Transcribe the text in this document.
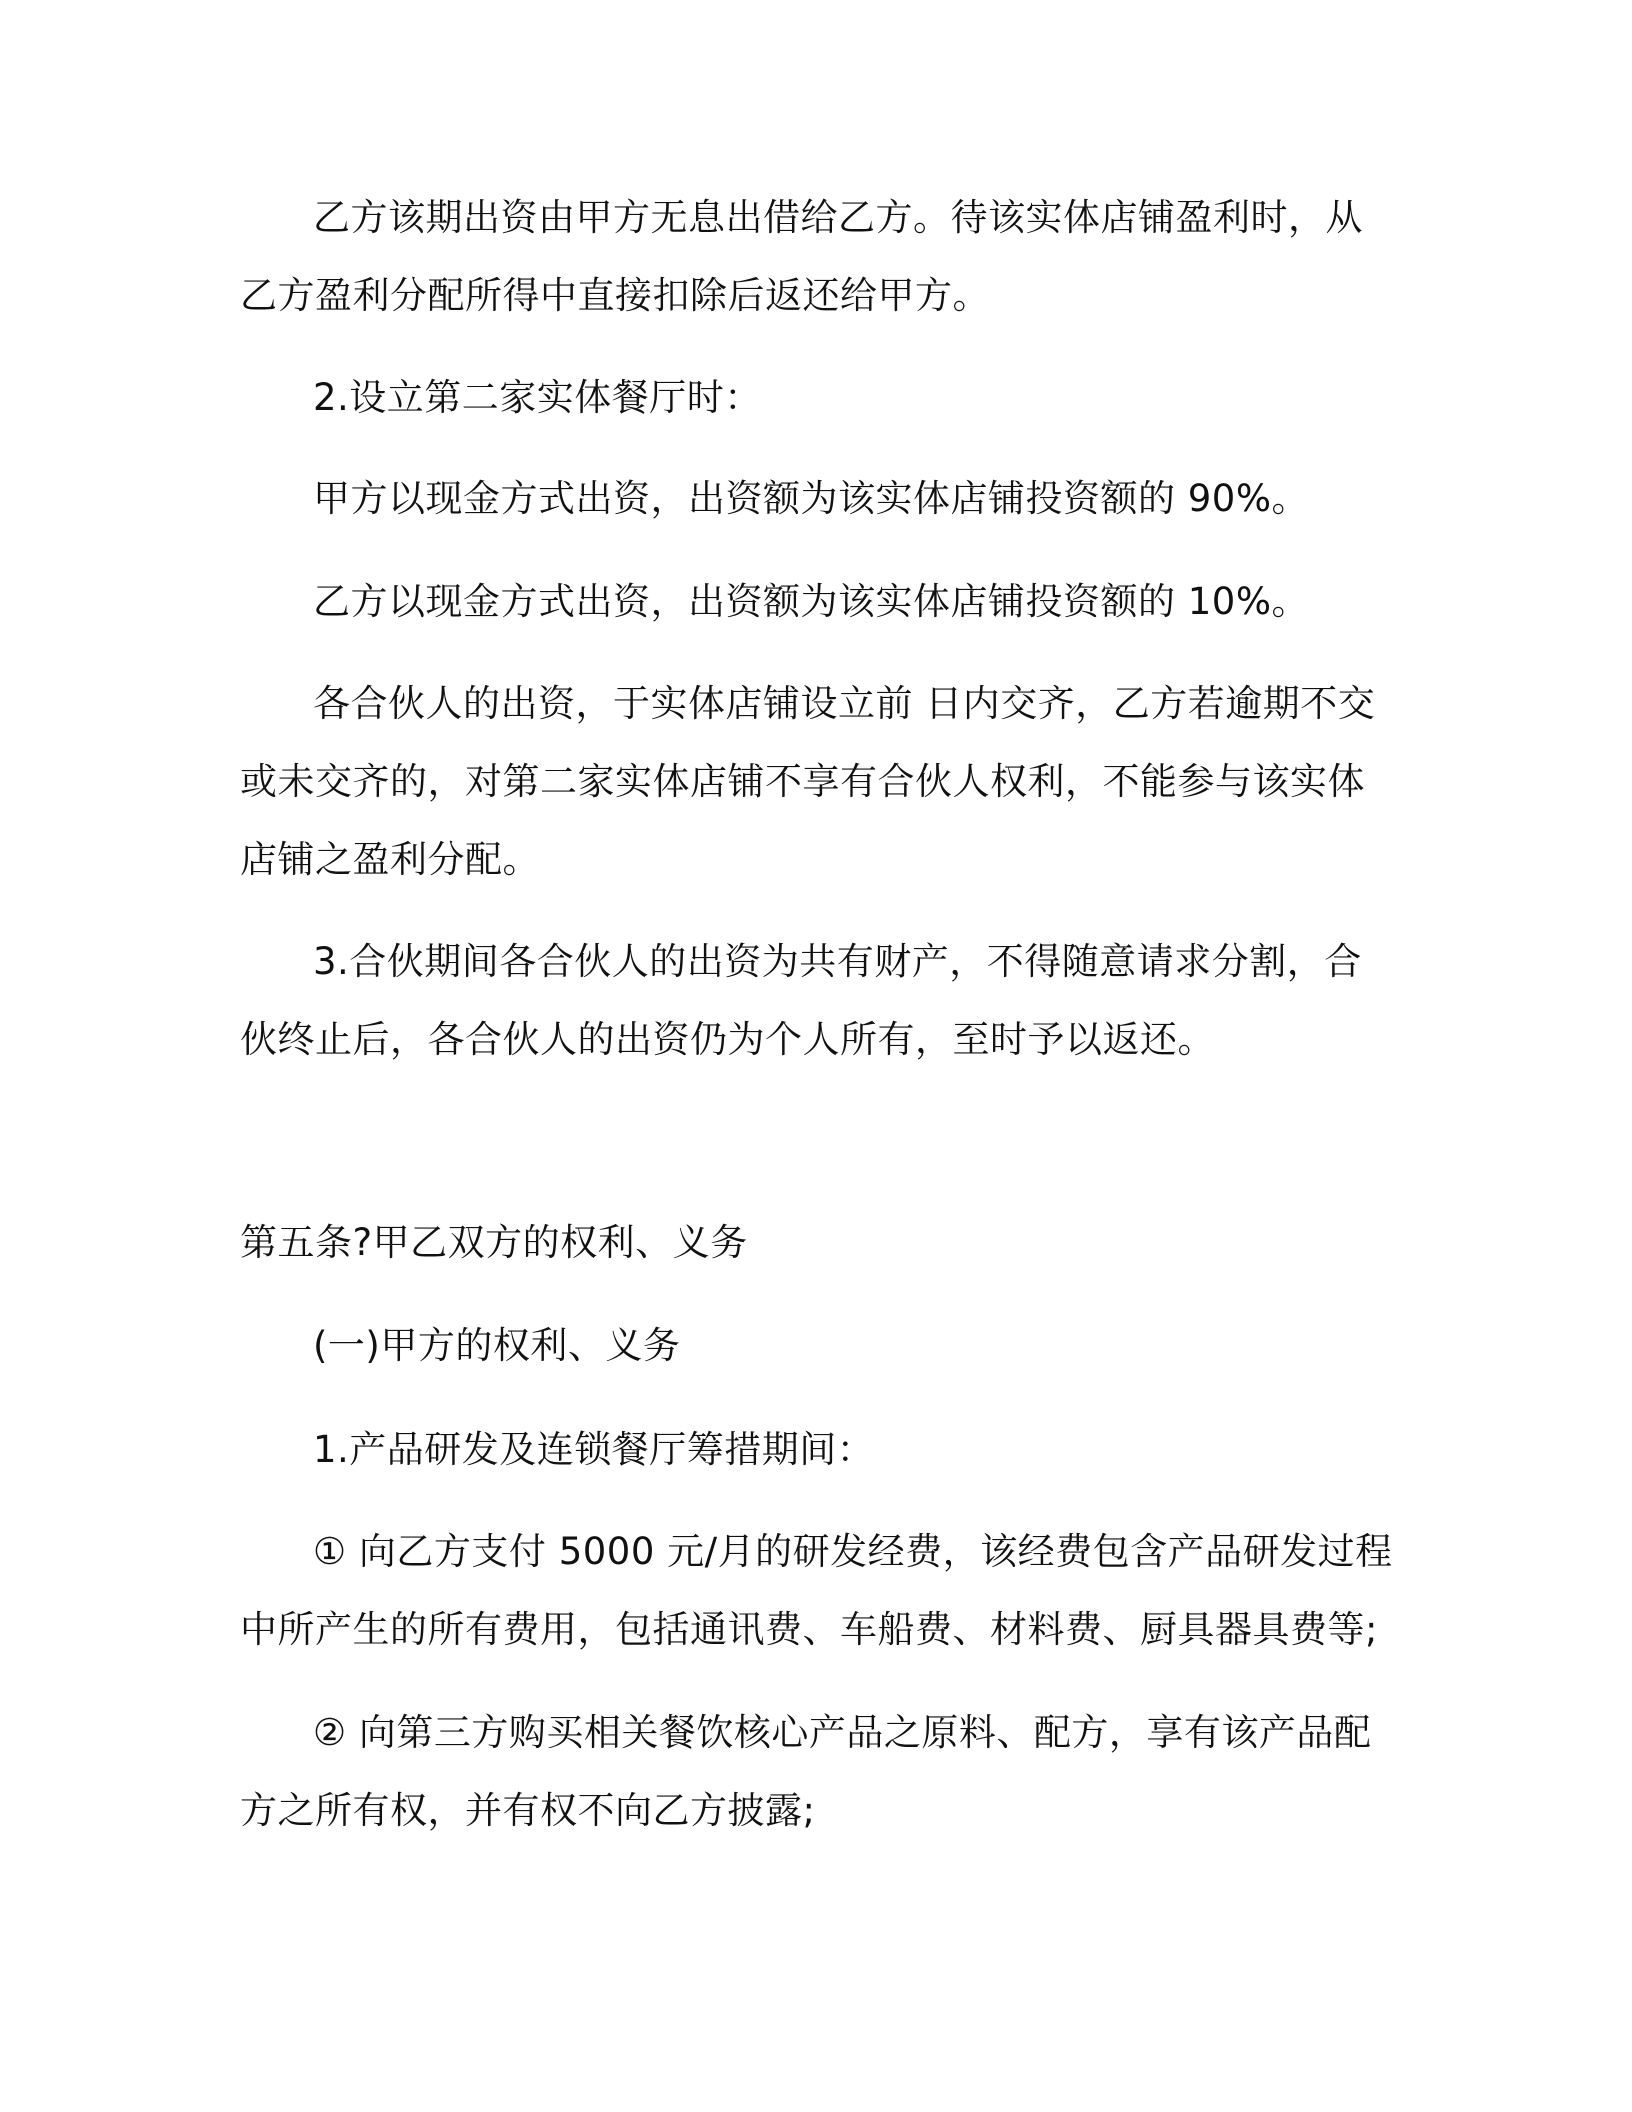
乙方该期出资由甲方无息出借给乙方。待该实体店铺盈利时，从
乙方盈利分配所得中直接扣除后返还给甲方。
2.设立第二家实体餐厅时：
甲方以现金方式出资，出资额为该实体店铺投资额的 90%。
乙方以现金方式出资，出资额为该实体店铺投资额的 10%。
各合伙人的出资，于实体店铺设立前 日内交齐，乙方若逾期不交
或未交齐的，对第二家实体店铺不享有合伙人权利，不能参与该实体
店铺之盈利分配。
3.合伙期间各合伙人的出资为共有财产，不得随意请求分割，合
伙终止后，各合伙人的出资仍为个人所有，至时予以返还。
第五条?甲乙双方的权利、义务
(一)甲方的权利、义务
1.产品研发及连锁餐厅筹措期间：
① 向乙方支付 5000 元/月的研发经费，该经费包含产品研发过程
中所产生的所有费用，包括通讯费、车船费、材料费、厨具器具费等;
② 向第三方购买相关餐饮核心产品之原料、配方，享有该产品配
方之所有权，并有权不向乙方披露;
